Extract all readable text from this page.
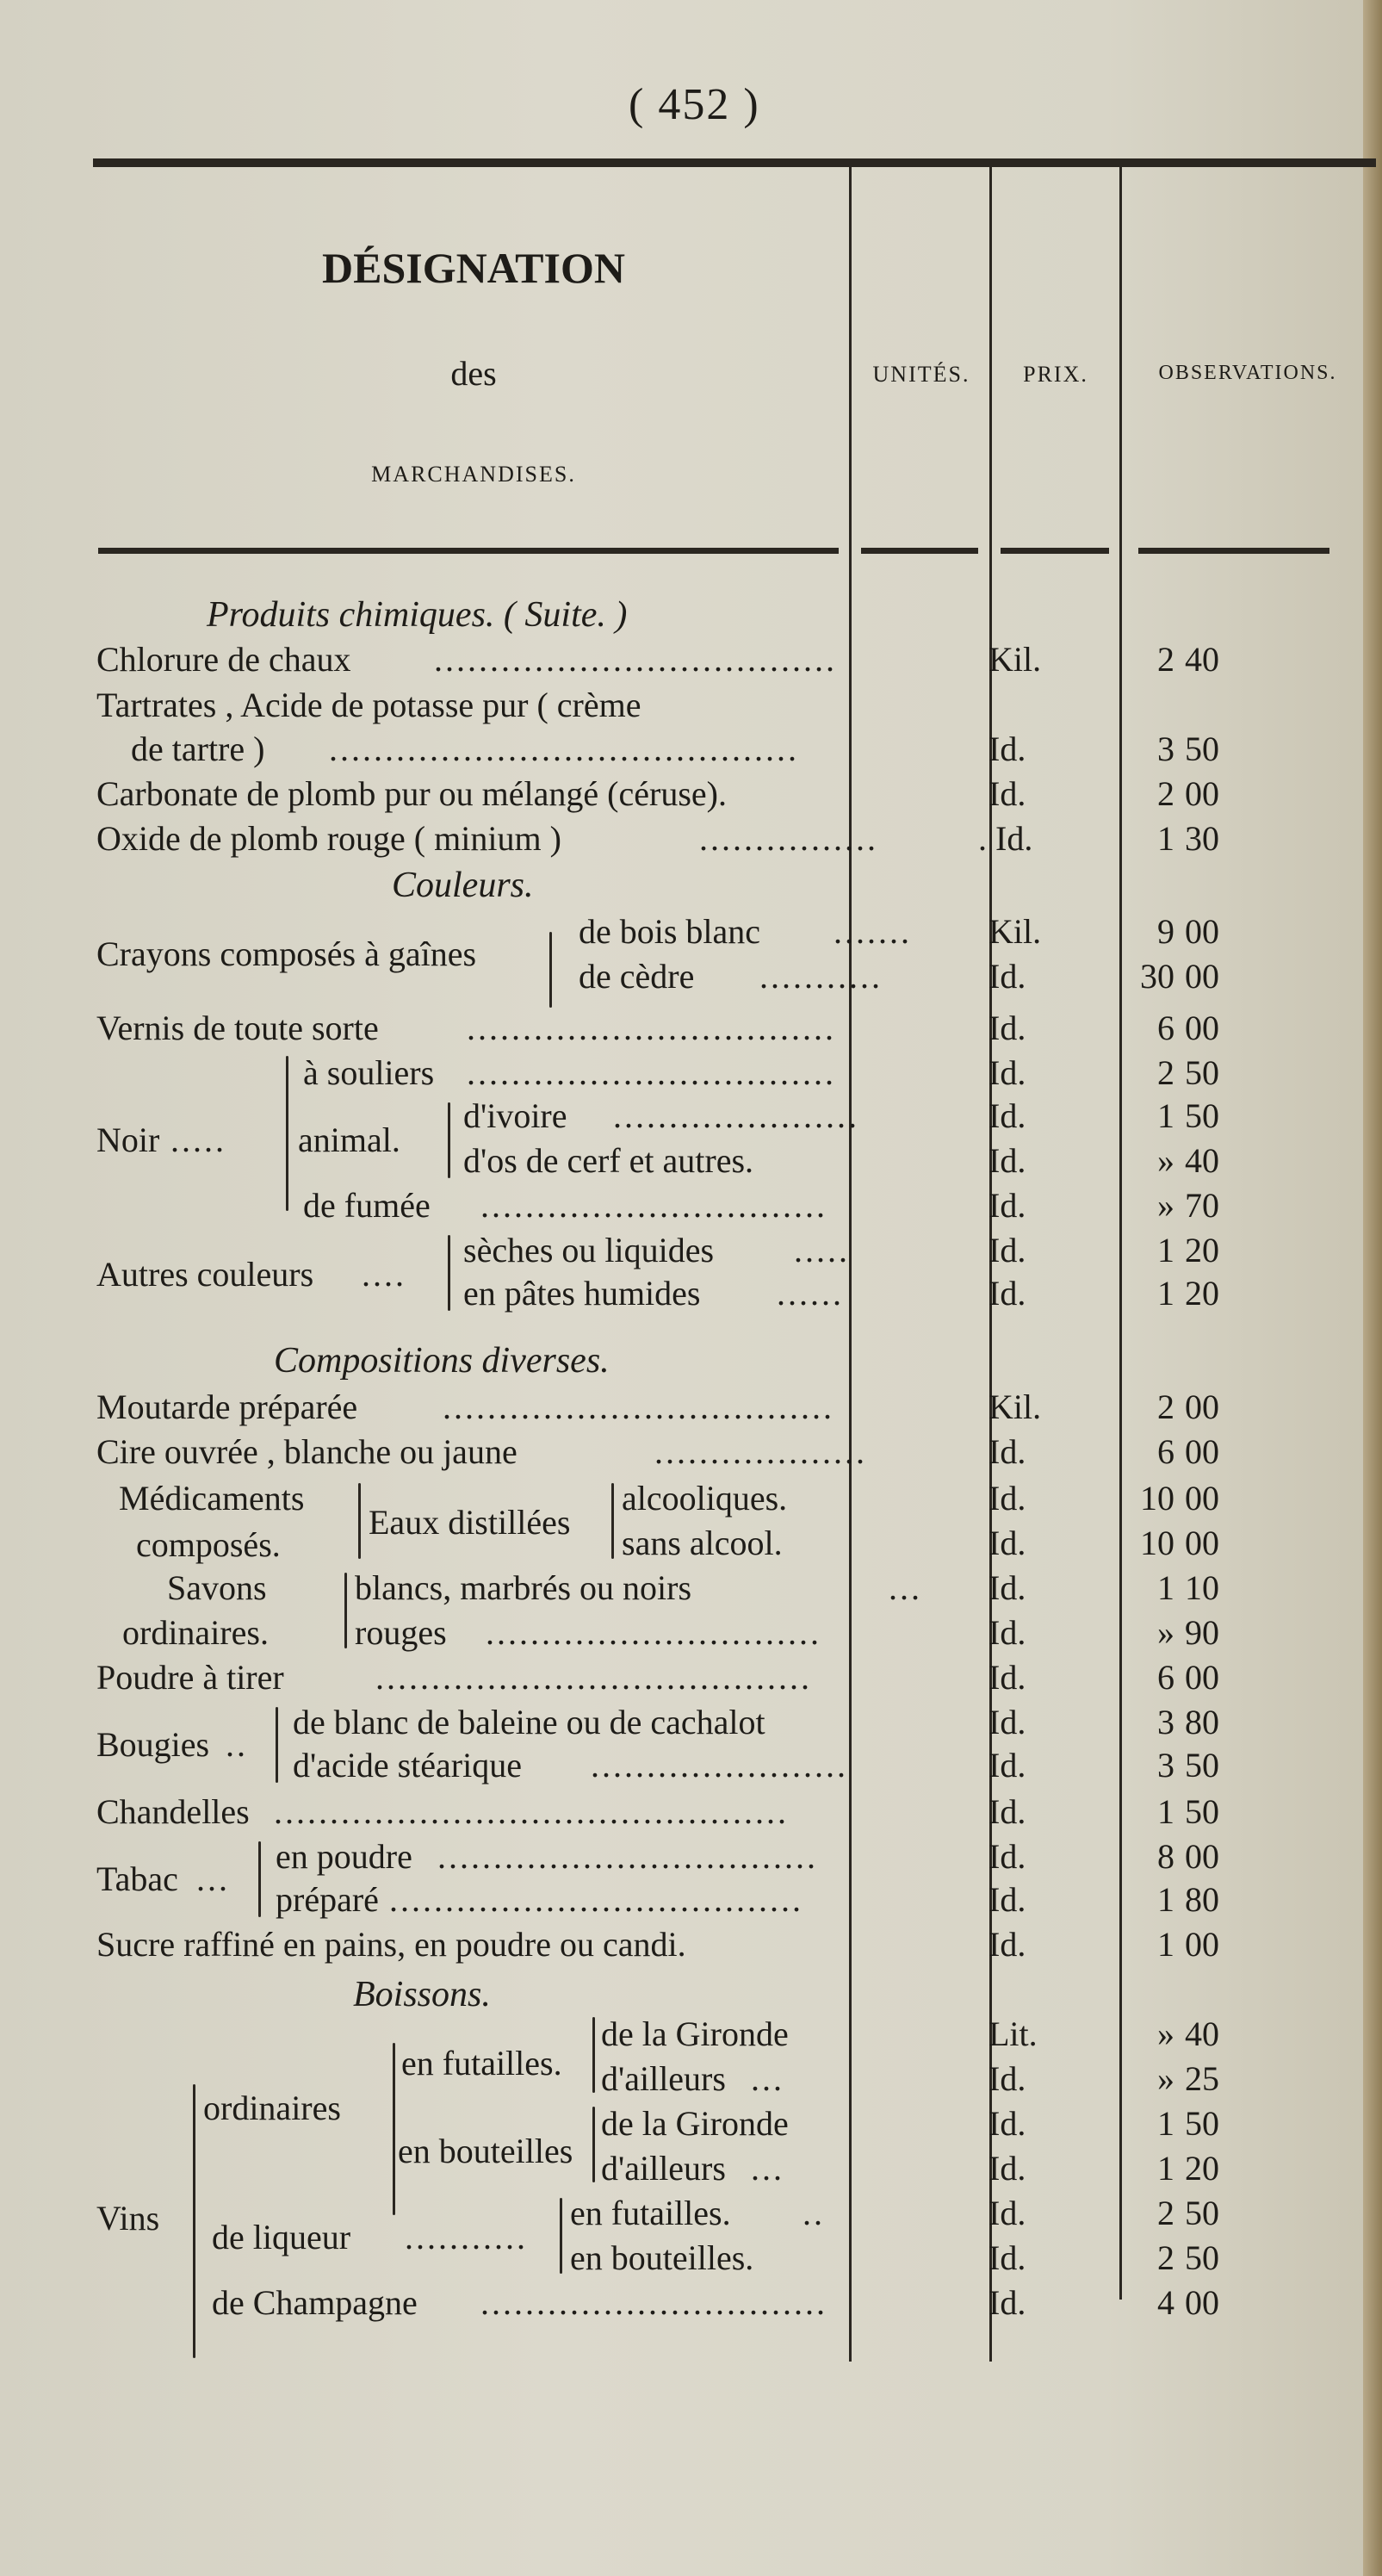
( 452 )
DÉSIGNATION
des
MARCHANDISES.
UNITÉS.	PRIX.	OBSERVATIONS.
Produits chimiques. ( Suite. )
Chlorure de chaux ....................................	Kil.	2 40
Tartrates , Acide de potasse pur ( crème
de tartre ) ..........................................	Id.	3 50
Carbonate de plomb pur ou mélangé (céruse).	Id.	2 00
Oxide de plomb rouge ( minium )	................	. Id.	1 30
Couleurs.
Crayons composés à gaînes
de bois blanc .......	Kil.	9 00
de cèdre ...........	Id.	30 00
Vernis de toute sorte	.................................	Id.	6 00
Noir .....
à souliers .................................	Id.	2 50
animal.
d'ivoire ......................	Id.	1 50
d'os de cerf et autres.	Id.	» 40
de fumée ...............................	Id.	» 70
Autres couleurs ....
sèches ou liquides .....	Id.	1 20
en pâtes humides ......	Id.	1 20
Compositions diverses.
Moutarde préparée ...................................	Kil.	2 00
Cire ouvrée , blanche ou jaune	...................	Id.	6 00
Médicaments
composés.
Eaux distillées
alcooliques.	Id.	10 00
sans alcool.	Id.	10 00
Savons
ordinaires.
blancs, marbrés ou noirs	...	Id.	1 10
rouges ..............................	Id.	» 90
Poudre à tirer	.......................................	Id.	6 00
Bougies ..
de blanc de baleine ou de cachalot	Id.	3 80
d'acide stéarique .......................	Id.	3 50
Chandelles ..............................................	Id.	1 50
Tabac ...
en poudre ..................................	Id.	8 00
préparé .....................................	Id.	1 80
Sucre raffiné en pains, en poudre ou candi.	Id.	1 00
Boissons.
Vins
ordinaires
en futailles.
en bouteilles
de la Gironde	Lit.	» 40
d'ailleurs ...	Id.	» 25
de la Gironde	Id.	1 50
d'ailleurs ...	Id.	1 20
de liqueur ...........
en futailles. ..	Id.	2 50
en bouteilles.	Id.	2 50
de Champagne ...............................	Id.	4 00
